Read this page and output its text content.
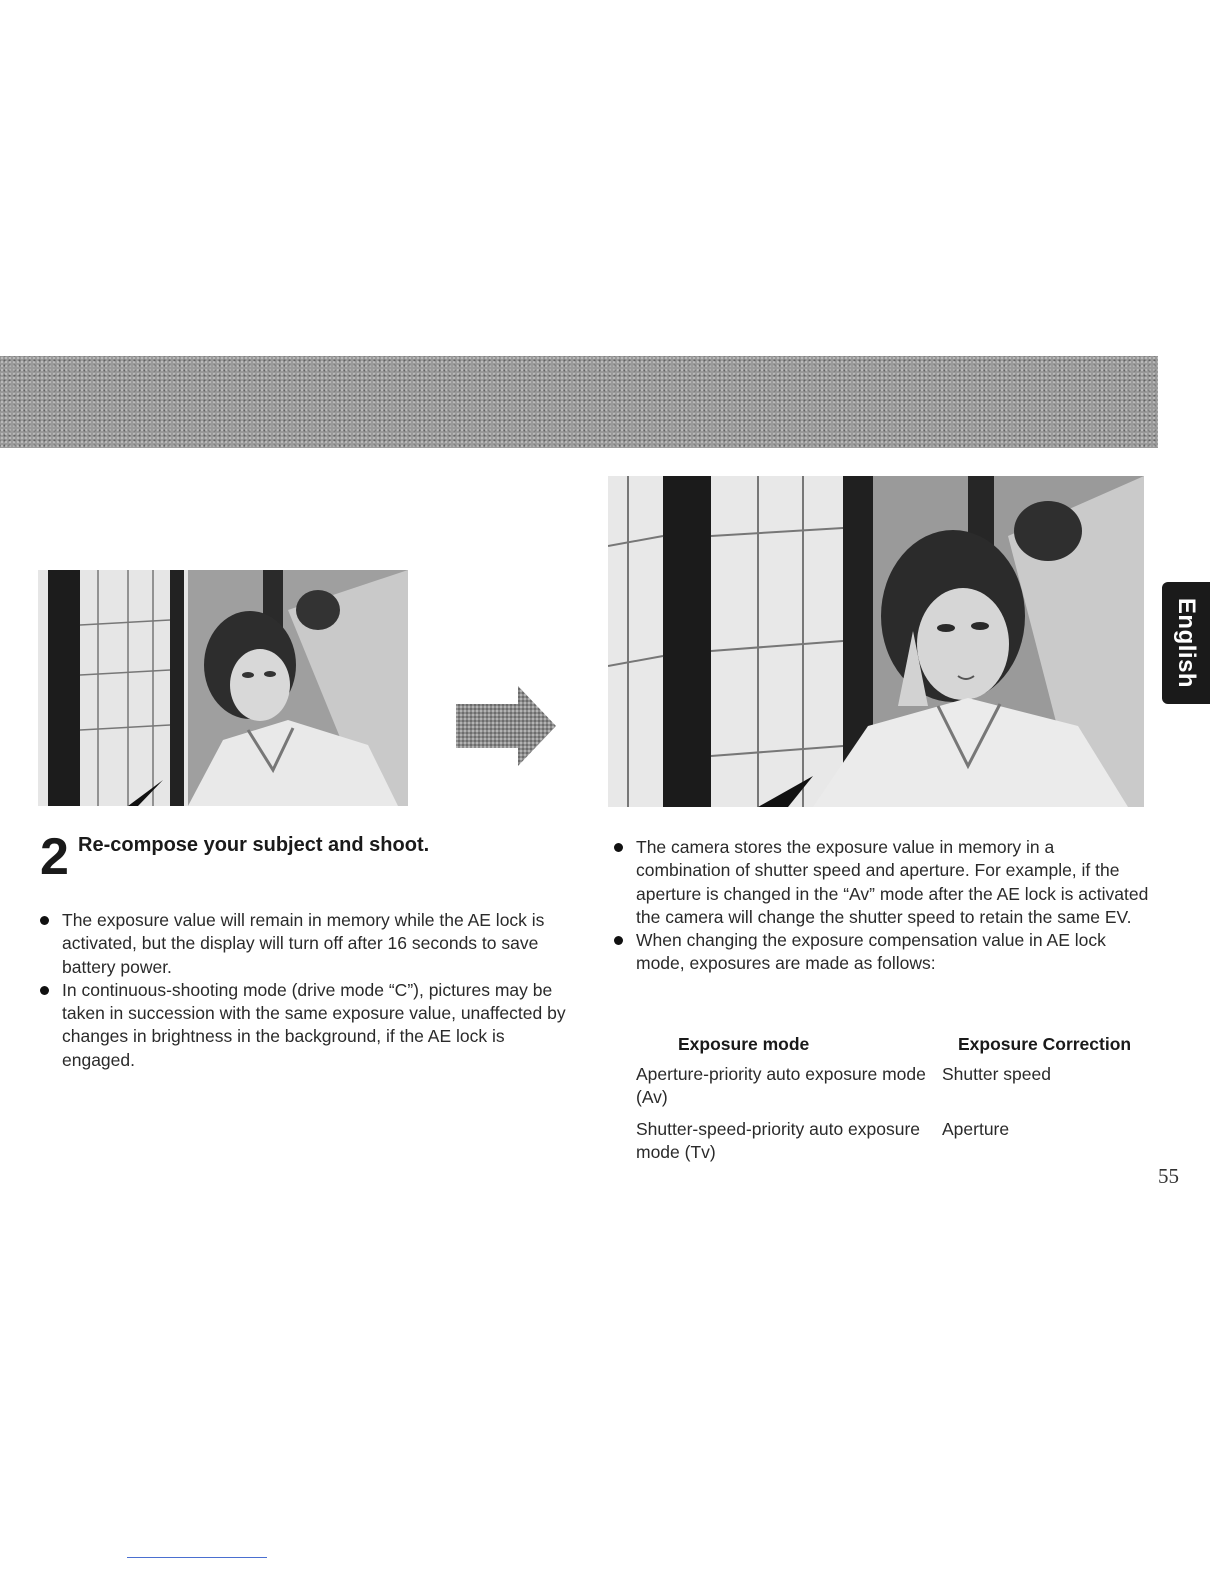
English
2 Re-compose your subject and shoot.
The exposure value will remain in memory while the AE lock is activated, but the display will turn off after 16 seconds to save battery power.
In continuous-shooting mode (drive mode “C”), pictures may be taken in succession with the same exposure value, unaffected by changes in brightness in the background, if the AE lock is engaged.
The camera stores the exposure value in memory in a combination of shutter speed and aperture. For example, if the aperture is changed in the “Av” mode after the AE lock is activated the camera will change the shutter speed to retain the same EV.
When changing the exposure compensation value in AE lock mode, exposures are made as follows:
Exposure mode	Exposure Correction
Aperture-priority auto exposure mode (Av)	Shutter speed
Shutter-speed-priority auto exposure mode (Tv)	Aperture
55
